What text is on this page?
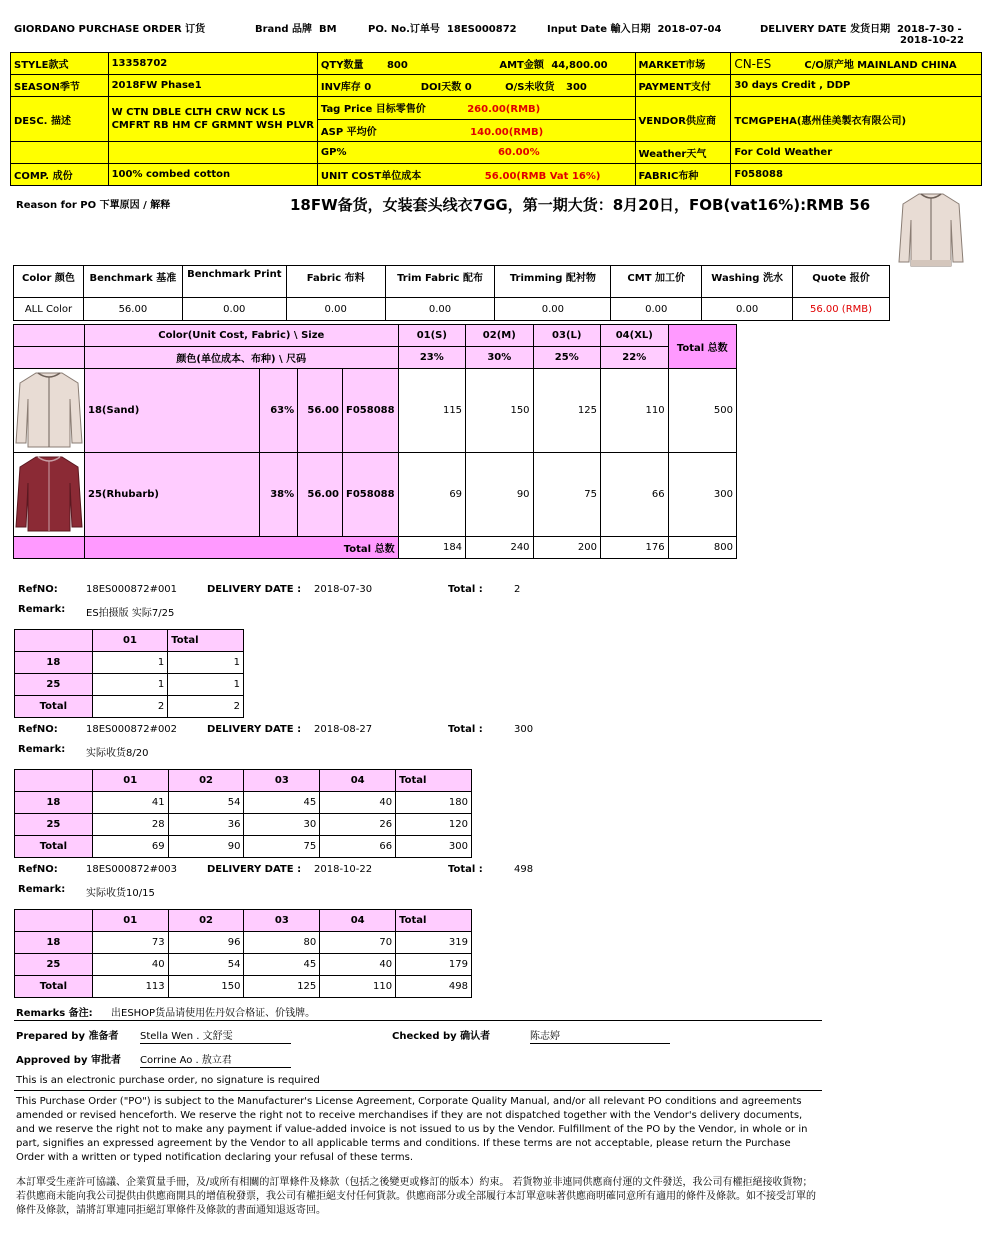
GIORDANO PURCHASE ORDER 订货	Brand 品牌 BM	PO. No.订单号 18ES000872	Input Date 輸入日期 2018-07-04	DELIVERY DATE 发货日期 2018-7-30 -
2018-10-22
STYLE款式	13358702	QTY数量 800 AMT金额 44,800.00	MARKET市场	CN-ES C/O原产地 MAINLAND CHINA
SEASON季节	2018FW Phase1	INV库存 0 DOI天数 0 O/S未收货 300	PAYMENT支付	30 days Credit , DDP
DESC. 描述	W CTN DBLE CLTH CRW NCK LS
CMFRT RB HM CF GRMNT WSH PLVR	Tag Price 目标零售价 260.00(RMB)	VENDOR供应商	TCMGPEHA(惠州佳美製衣有限公司)
		ASP 平均价 140.00(RMB)		
		GP% 60.00%	Weather天气	For Cold Weather
COMP. 成份	100% combed cotton	UNIT COST单位成本 56.00(RMB Vat 16%)	FABRIC布种	F058088
Reason for PO 下單原因 / 解释	18FW备货，女装套头线衣7GG，第一期大货：8月20日，FOB(vat16%):RMB 56
Color 颜色	Benchmark 基准	Benchmark Print	Fabric 布料	Trim Fabric 配布	Trimming 配衬物	CMT 加工价	Washing 洗水	Quote 报价
ALL Color	56.00	0.00	0.00	0.00	0.00	0.00	0.00	56.00 (RMB)
	Color(Unit Cost, Fabric) \ Size				01(S)	02(M)	03(L)	04(XL)	Total 总数
	颜色(单位成本、布种) \ 尺码				23%	30%	25%	22%	
	18(Sand)	63%	56.00	F058088	115	150	125	110	500
	25(Rhubarb)	38%	56.00	F058088	69	90	75	66	300
	Total 总数				184	240	200	176	800
RefNO:	18ES000872#001	DELIVERY DATE : 2018-07-30	Total :	2
Remark: ES拍摄版 实际7/25
	01	Total
18	1	1
25	1	1
Total	2	2
RefNO:	18ES000872#002	DELIVERY DATE : 2018-08-27	Total :	300
Remark: 实际收货8/20
	01	02	03	04	Total
18	41	54	45	40	180
25	28	36	30	26	120
Total	69	90	75	66	300
RefNO:	18ES000872#003	DELIVERY DATE : 2018-10-22	Total :	498
Remark: 实际收货10/15
	01	02	03	04	Total
18	73	96	80	70	319
25	40	54	45	40	179
Total	113	150	125	110	498
Remarks 备注: 出ESHOP货品请使用佐丹奴合格证、价钱牌。
Prepared by 准备者 Stella Wen . 文舒雯	Checked by 确认者	陈志婷
Approved by 审批者 Corrine Ao . 敖立君
This is an electronic purchase order, no signature is required
This Purchase Order ("PO") is subject to the Manufacturer's License Agreement, Corporate Quality Manual, and/or all relevant PO conditions and agreements amended or revised henceforth. We reserve the right not to receive merchandises if they are not dispatched together with the Vendor's delivery documents, and we reserve the right not to make any payment if value-added invoice is not issued to us by the Vendor. Fulfillment of the PO by the Vendor, in whole or in part, signifies an expressed agreement by the Vendor to all applicable terms and conditions. If these terms are not acceptable, please return the Purchase Order with a written or typed notification declaring your refusal of these terms.
本訂單受生產許可協議、企業質量手冊，及/或所有相關的訂單條件及條款（包括之後變更或修訂的版本）約束。 若貨物並非連同供應商付運的文件發送，我公司有權拒絕接收貨物；若供應商未能向我公司提供由供應商開具的增值稅發票，我公司有權拒絕支付任何貨款。供應商部分或全部履行本訂單意味著供應商明確同意所有適用的條件及條款。如不接受訂單的條件及條款，請將訂單連同拒絕訂單條件及條款的書面通知退返寄回。
